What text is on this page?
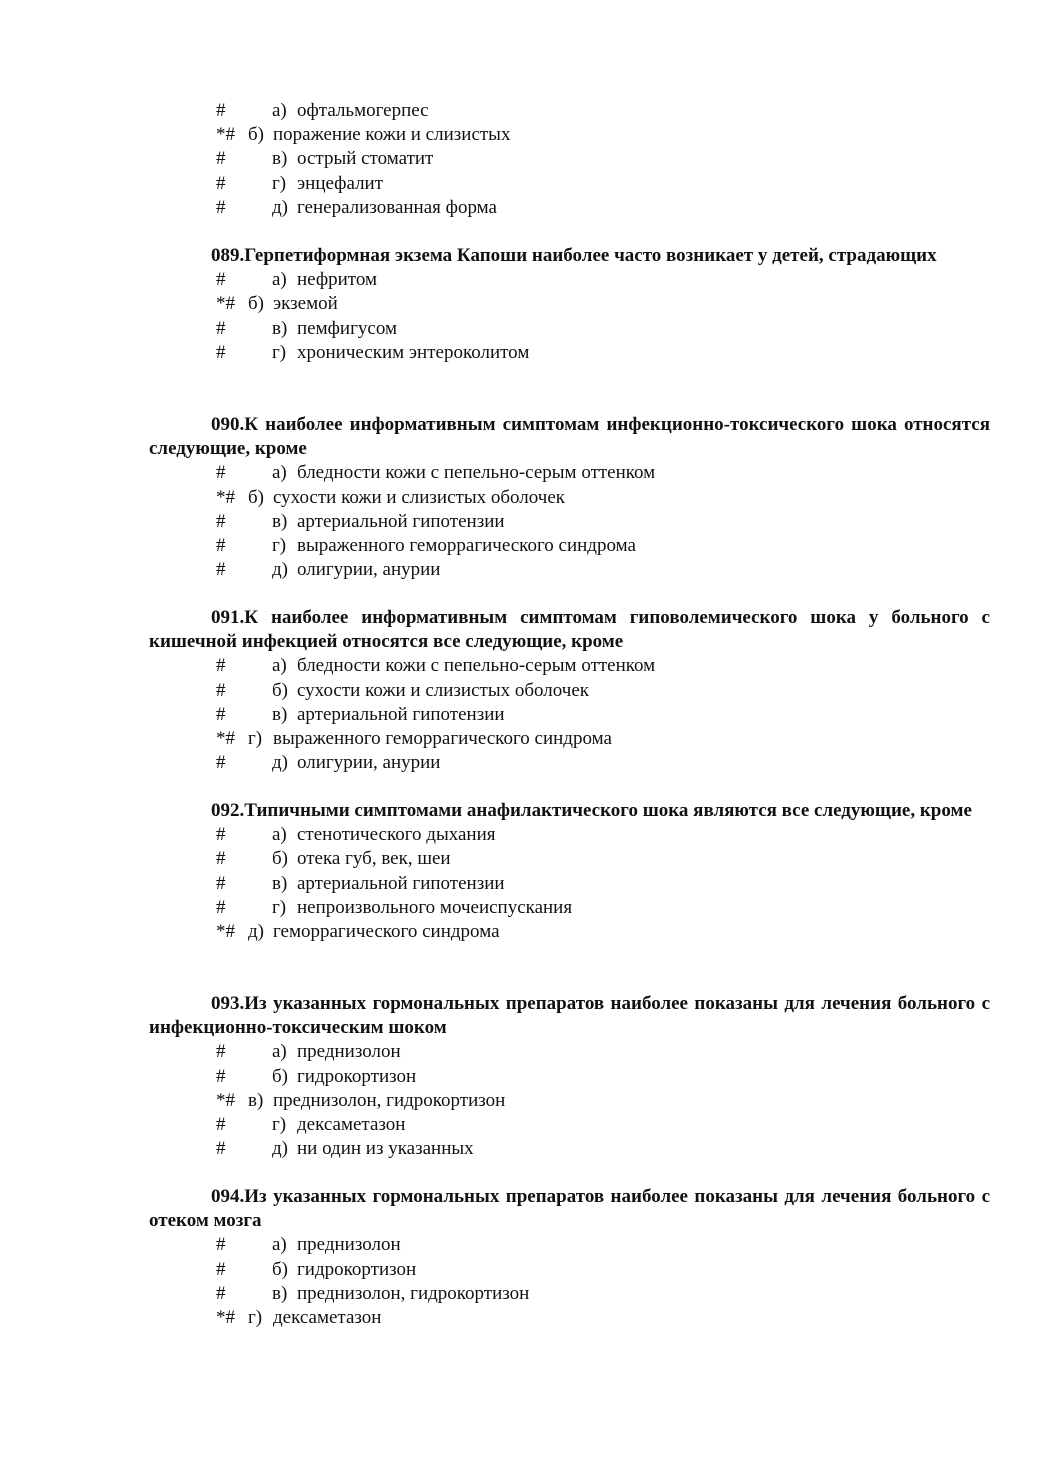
# а) офтальмогерпес
*# б) поражение кожи и слизистых
# в) острый стоматит
# г) энцефалит
# д) генерализованная форма
089.Герпетиформная экзема Капоши наиболее часто возникает у детей, страдающих
# а) нефритом
*# б) экземой
# в) пемфигусом
# г) хроническим энтероколитом
090.К наиболее информативным симптомам инфекционно-токсического шока относятся следующие, кроме
# а) бледности кожи с пепельно-серым оттенком
*# б) сухости кожи и слизистых оболочек
# в) артериальной гипотензии
# г) выраженного геморрагического синдрома
# д) олигурии, анурии
091.К наиболее информативным симптомам гиповолемического шока у больного с кишечной инфекцией относятся все следующие, кроме
# а) бледности кожи с пепельно-серым оттенком
# б) сухости кожи и слизистых оболочек
# в) артериальной гипотензии
*# г) выраженного геморрагического синдрома
# д) олигурии, анурии
092.Типичными симптомами анафилактического шока являются все следующие, кроме
# а) стенотического дыхания
# б) отека губ, век, шеи
# в) артериальной гипотензии
# г) непроизвольного мочеиспускания
*# д) геморрагического синдрома
093.Из указанных гормональных препаратов наиболее показаны для лечения больного с инфекционно-токсическим шоком
# а) преднизолон
# б) гидрокортизон
*# в) преднизолон, гидрокортизон
# г) дексаметазон
# д) ни один из указанных
094.Из указанных гормональных препаратов наиболее показаны для лечения больного с отеком мозга
# а) преднизолон
# б) гидрокортизон
# в) преднизолон, гидрокортизон
*# г) дексаметазон
